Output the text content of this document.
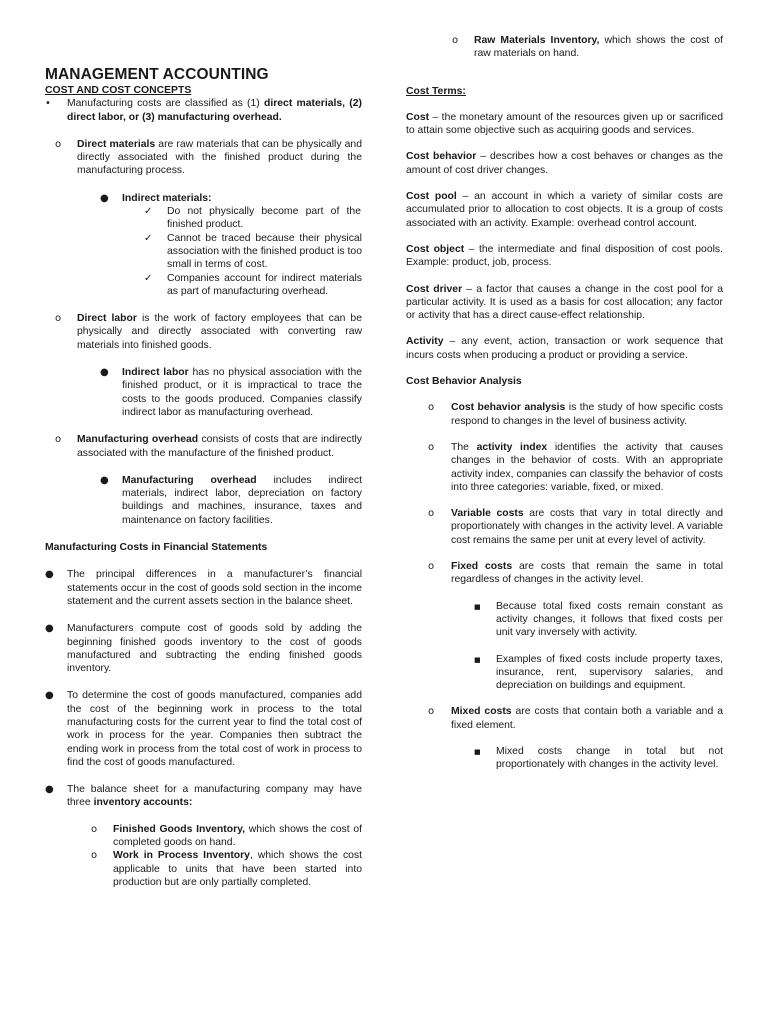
MANAGEMENT ACCOUNTING

COST AND COST CONCEPTS

• Manufacturing costs are classified as (1) direct materials, (2) direct labor, or (3) manufacturing overhead.

o Direct materials are raw materials that can be physically and directly associated with the finished product during the manufacturing process.

● Indirect materials:

✓ Do not physically become part of the finished product.

✓ Cannot be traced because their physical association with the finished product is too small in terms of cost.

✓ Companies account for indirect materials as part of manufacturing overhead.

o Direct labor is the work of factory employees that can be physically and directly associated with converting raw materials into finished goods.

● Indirect labor has no physical association with the finished product, or it is impractical to trace the costs to the goods produced. Companies classify indirect labor as manufacturing overhead.

o Manufacturing overhead consists of costs that are indirectly associated with the manufacture of the finished product.

● Manufacturing overhead includes indirect materials, indirect labor, depreciation on factory buildings and machines, insurance, taxes and maintenance on factory facilities.

Manufacturing Costs in Financial Statements

● The principal differences in a manufacturer’s financial statements occur in the cost of goods sold section in the income statement and the current assets section in the balance sheet.

● Manufacturers compute cost of goods sold by adding the beginning finished goods inventory to the cost of goods manufactured and subtracting the ending finished goods inventory.

● To determine the cost of goods manufactured, companies add the cost of the beginning work in process to the total manufacturing costs for the current year to find the total cost of work in process for the year. Companies then subtract the ending work in process from the total cost of work in process to find the cost of goods manufactured.

● The balance sheet for a manufacturing company may have three inventory accounts:

o Finished Goods Inventory, which shows the cost of completed goods on hand.

o Work in Process Inventory, which shows the cost applicable to units that have been started into production but are only partially completed.

o Raw Materials Inventory, which shows the cost of raw materials on hand.

Cost Terms:

Cost – the monetary amount of the resources given up or sacrificed to attain some objective such as acquiring goods and services.

Cost behavior – describes how a cost behaves or changes as the amount of cost driver changes.

Cost pool – an account in which a variety of similar costs are accumulated prior to allocation to cost objects. It is a group of costs associated with an activity. Example: overhead control account.

Cost object – the intermediate and final disposition of cost pools. Example: product, job, process.

Cost driver – a factor that causes a change in the cost pool for a particular activity. It is used as a basis for cost allocation; any factor or activity that has a direct cause-effect relationship.

Activity – any event, action, transaction or work sequence that incurs costs when producing a product or providing a service.

Cost Behavior Analysis

o Cost behavior analysis is the study of how specific costs respond to changes in the level of business activity.

o The activity index identifies the activity that causes changes in the behavior of costs. With an appropriate activity index, companies can classify the behavior of costs into three categories: variable, fixed, or mixed.

o Variable costs are costs that vary in total directly and proportionately with changes in the activity level. A variable cost remains the same per unit at every level of activity.

o Fixed costs are costs that remain the same in total regardless of changes in the activity level.

■ Because total fixed costs remain constant as activity changes, it follows that fixed costs per unit vary inversely with activity.

■ Examples of fixed costs include property taxes, insurance, rent, supervisory salaries, and depreciation on buildings and equipment.

o Mixed costs are costs that contain both a variable and a fixed element.

■ Mixed costs change in total but not proportionately with changes in the activity level.
